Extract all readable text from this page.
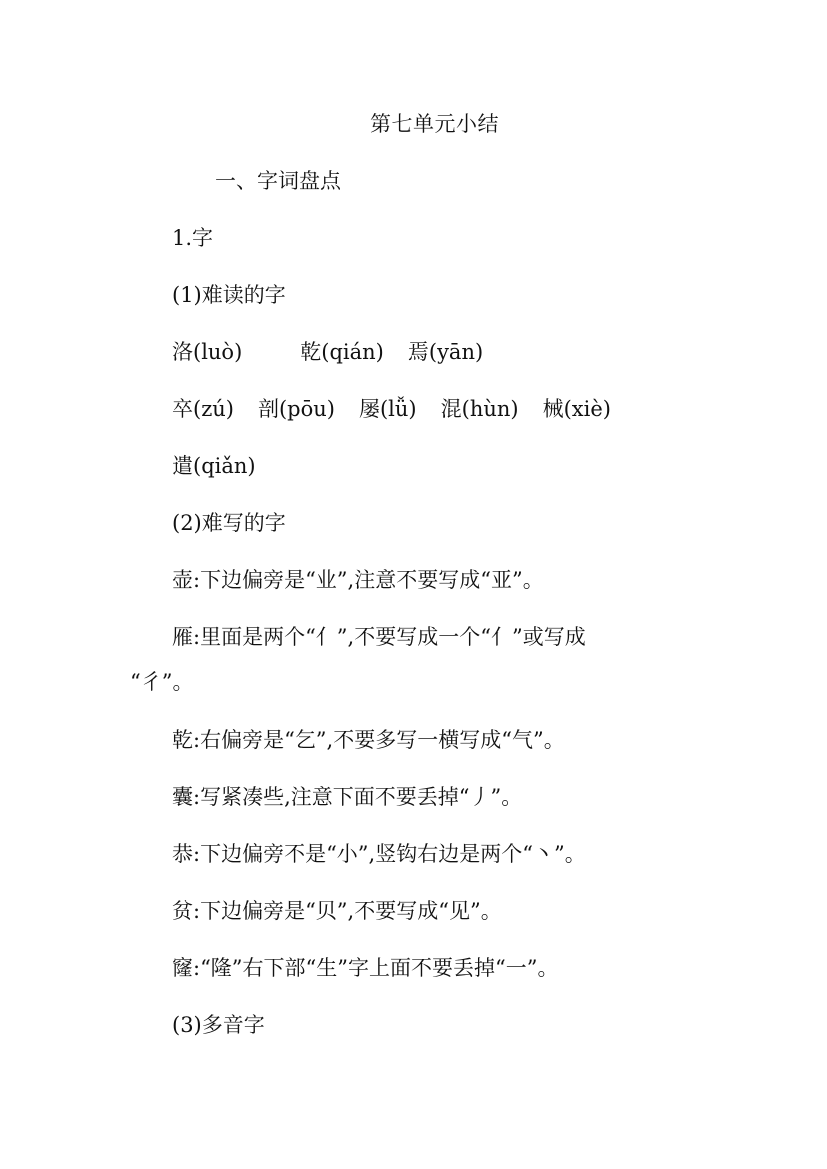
第七单元小结
一、字词盘点
1.字
(1)难读的字
洛(luò)	乾(qián) 焉(yān)
卒(zú) 剖(pōu) 屡(lǚ) 混(hùn) 械(xiè)
遣(qiǎn)
(2)难写的字
壶:下边偏旁是“业”,注意不要写成“亚”。
雁:里面是两个“亻”,不要写成一个“亻”或写成
“彳”。
乾:右偏旁是“乞”,不要多写一横写成“气”。
囊:写紧凑些,注意下面不要丢掉“丿”。
恭:下边偏旁不是“小”,竖钩右边是两个“丶”。
贫:下边偏旁是“贝”,不要写成“见”。
窿:“隆”右下部“生”字上面不要丢掉“一”。
(3)多音字
